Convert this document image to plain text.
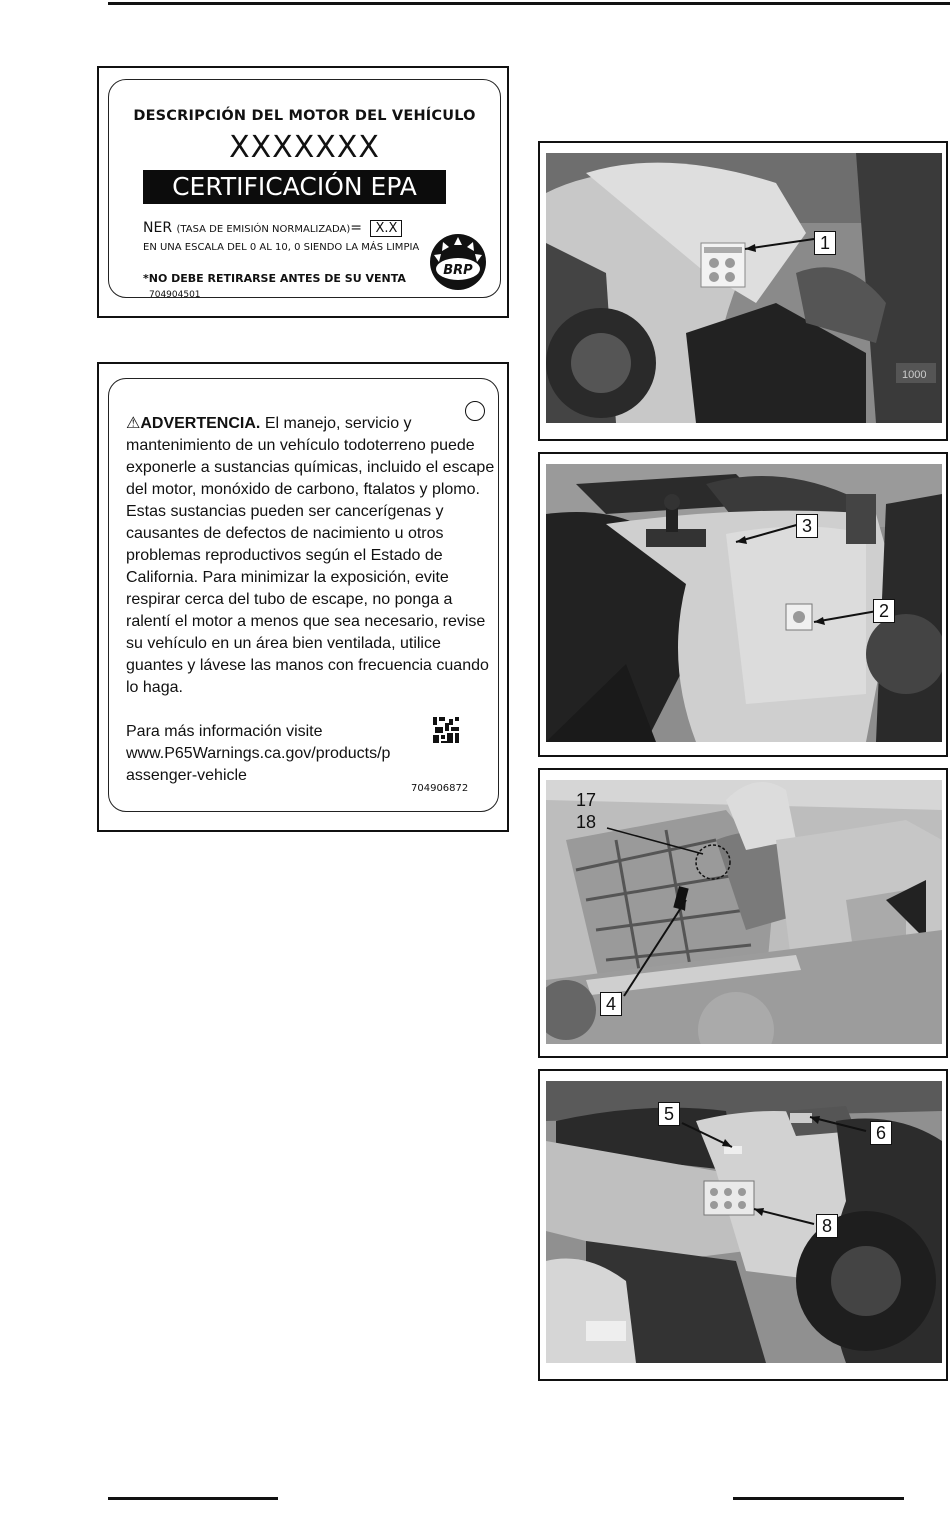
DESCRIPCIÓN DEL MOTOR DEL VEHÍCULO
XXXXXXX
CERTIFICACIÓN EPA
NER (TASA DE EMISIÓN NORMALIZADA)= X.X
EN UNA ESCALA DEL 0 AL 10, 0 SIENDO LA MÁS LIMPIA
*NO DEBE RETIRARSE ANTES DE SU VENTA
704904501
BRP
⚠ADVERTENCIA. El manejo, servicio y mantenimiento de un vehículo todoterreno puede exponerle a sustancias químicas, incluido el escape del motor, monóxido de carbono, ftalatos y plomo. Estas sustancias pueden ser cancerígenas y causantes de defectos de nacimiento u otros problemas reproductivos según el Estado de California. Para minimizar la exposición, evite respirar cerca del tubo de escape, no ponga a ralentí el motor a menos que sea necesario, revise su vehículo en un área bien ventilada, utilice guantes y lávese las manos con frecuencia cuando lo haga.
Para más información visite
www.P65Warnings.ca.gov/products/p
assenger-vehicle
704906872
1000
1
3
2
17
18
4
5
6
8
